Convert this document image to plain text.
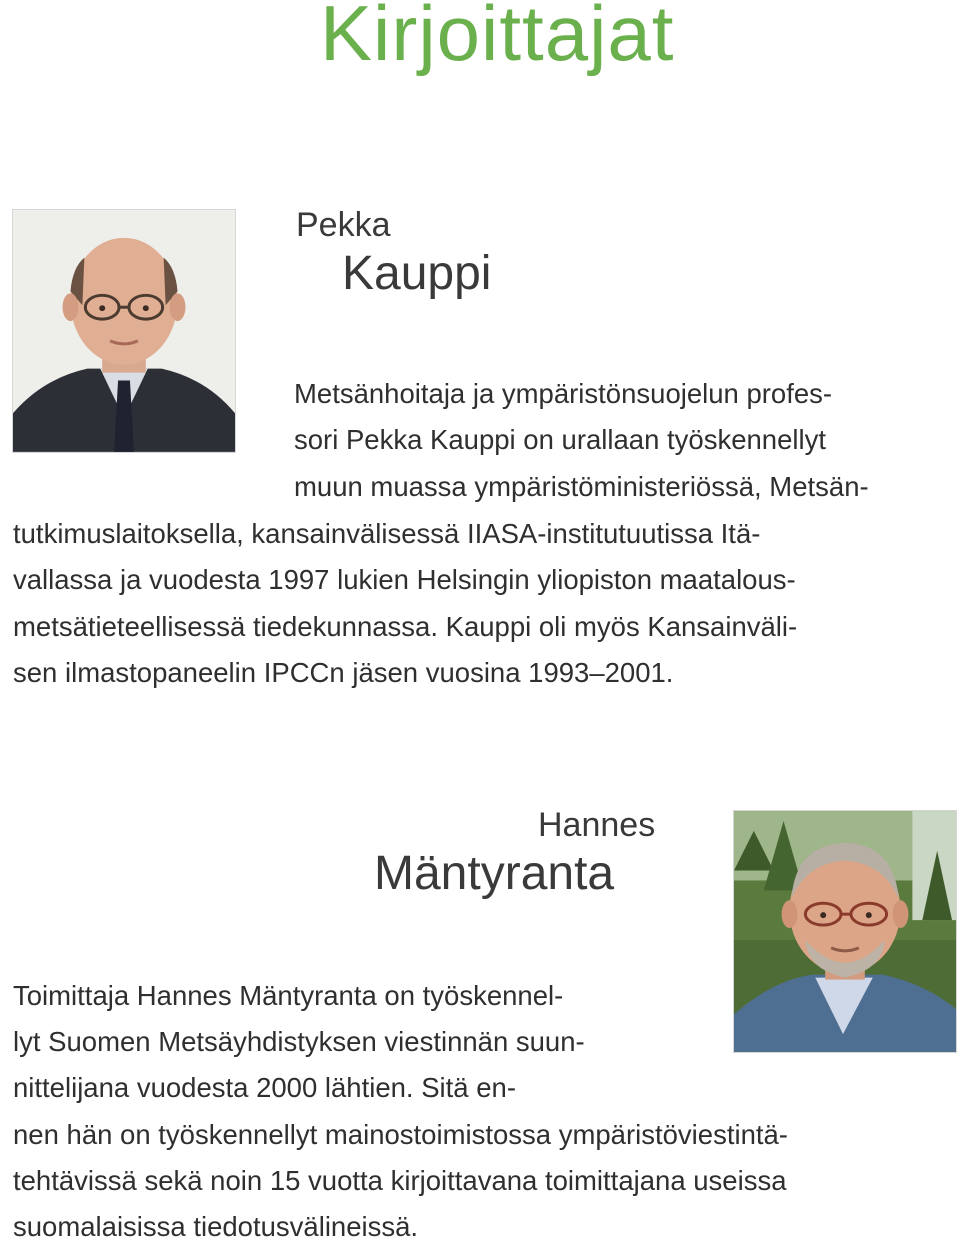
Kirjoittajat
Pekka
Kauppi
Metsänhoitaja ja ympäristönsuojelun profes-
sori Pekka Kauppi on urallaan työskennellyt
muun muassa ympäristöministeriössä, Metsän-
tutkimuslaitoksella, kansainvälisessä IIASA-institutuutissa Itä-
vallassa ja vuodesta 1997 lukien Helsingin yliopiston maatalous-
metsätieteellisessä tiedekunnassa. Kauppi oli myös Kansainväli-
sen ilmastopaneelin IPCCn jäsen vuosina 1993–2001.
Hannes
Mäntyranta
Toimittaja Hannes Mäntyranta on työskennel-
lyt Suomen Metsäyhdistyksen viestinnän suun-
nittelijana vuodesta 2000 lähtien. Sitä en-
nen hän on työskennellyt mainostoimistossa ympäristöviestintä-
tehtävissä sekä noin 15 vuotta kirjoittavana toimittajana useissa
suomalaisissa tiedotusvälineissä.
